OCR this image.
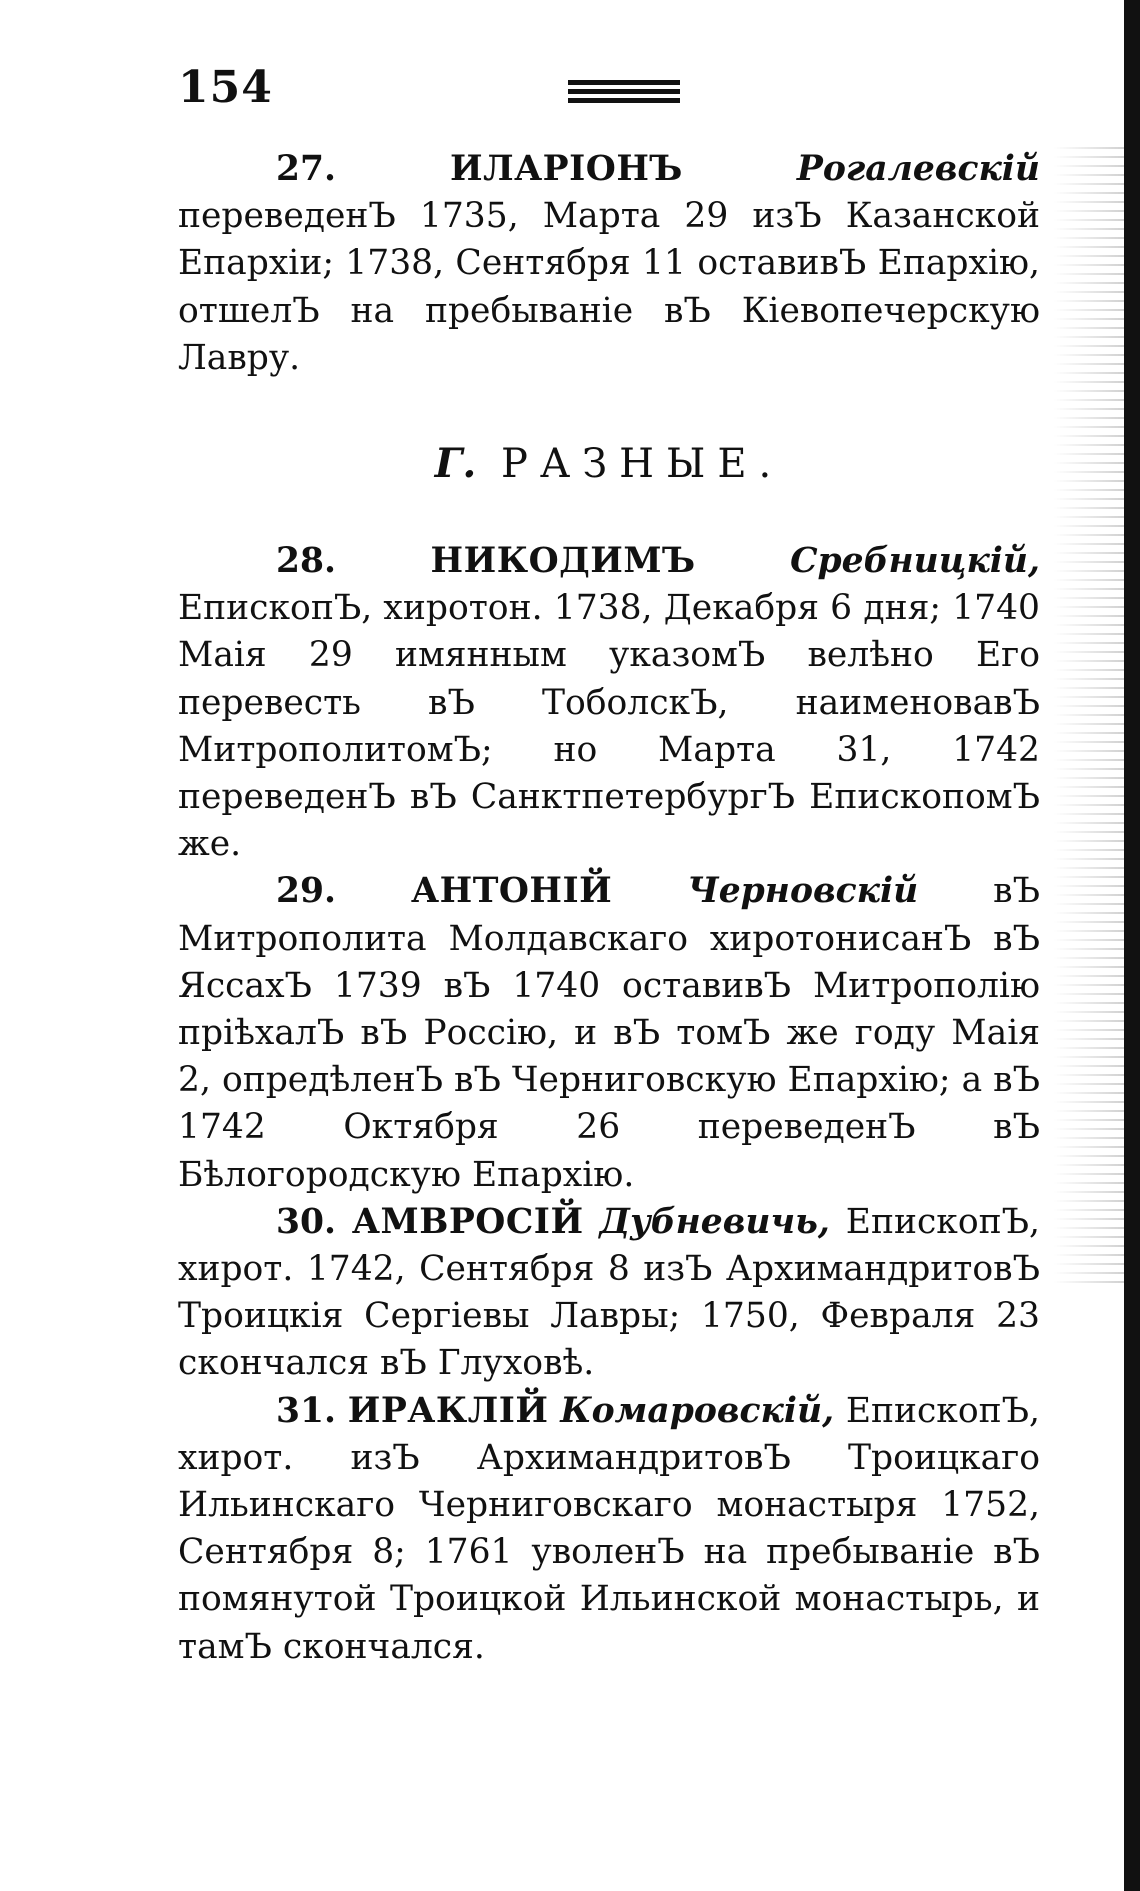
154

27.	ИЛАРІОНЪ	Рогалевскій переведенЪ 1735, Марта 29 изЪ Казанской Епархіи; 1738, Сентября 11 оставивЪ Епархію, отшелЪ на пребываніе вЪ Кіевопечерскую Лавру.

Г. РАЗНЫЕ.

28.	НИКОДИМЪ	Сребницкій, ЕпископЪ, хиротон. 1738, Декабря 6 дня; 1740 Маія 29 имянным указомЪ велѣно Его перевесть вЪ ТоболскЪ, наименовавЪ МитрополитомЪ; но Марта 31, 1742 переведенЪ вЪ СанктпетербургЪ ЕпископомЪ же.

29. АНТОНІЙ Черновскій вЪ Митрополита Молдавскаго хиротонисанЪ вЪ ЯссахЪ 1739 вЪ 1740 оставивЪ Митрополію пріѣхалЪ вЪ Россію, и вЪ томЪ же году Маія 2, опредѣленЪ вЪ Черниговскую Епархію; а вЪ 1742 Октября 26 переведенЪ вЪ Бѣлогородскую Епархію.

30. АМВРОСІЙ Дубневичь, ЕпископЪ, хирот. 1742, Сентября 8 изЪ АрхимандритовЪ Троицкія Сергіевы Лавры; 1750, Февраля 23 скончался вЪ Глуховѣ.

31. ИРАКЛІЙ Комаровскій, ЕпископЪ, хирот. изЪ АрхимандритовЪ Троицкаго Ильинскаго Черниговскаго монастыря 1752, Сентября 8; 1761 уволенЪ на пребываніе вЪ помянутой Троицкой Ильинской монастырь, и тамЪ скончался.
